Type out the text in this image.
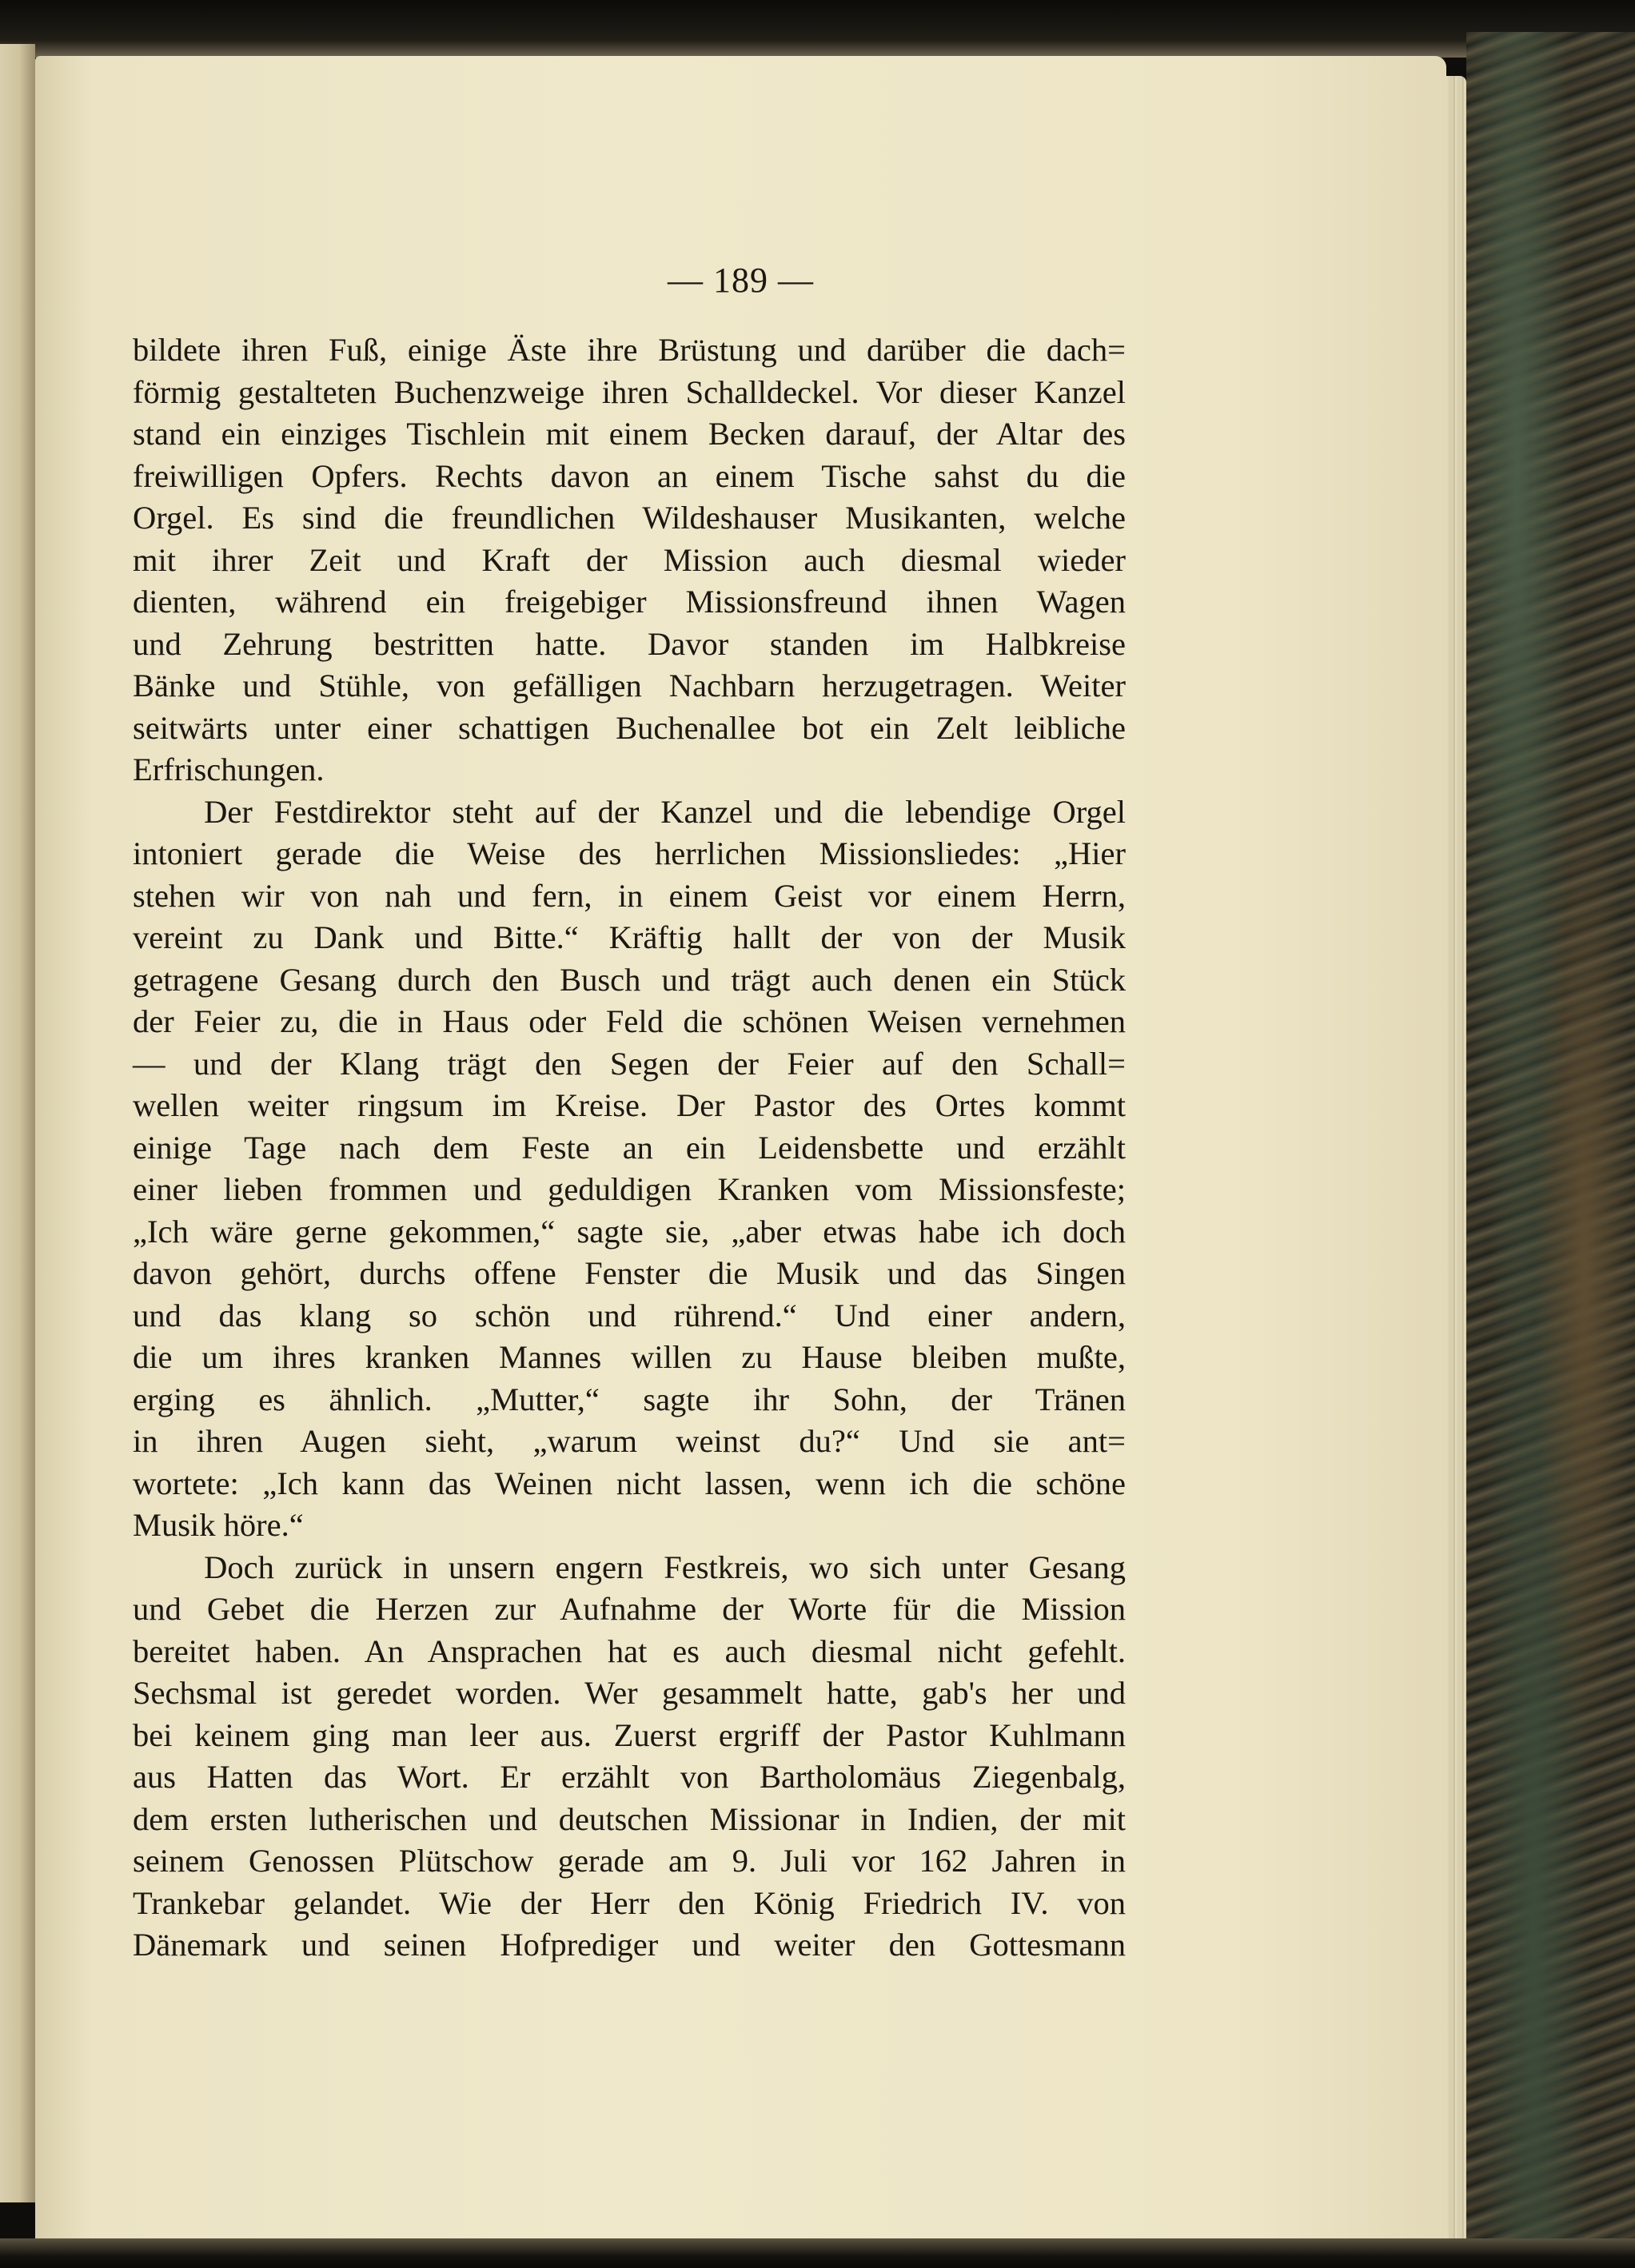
— 189 —
bildete ihren Fuß, einige Äste ihre Brüstung und darüber die dach=
förmig gestalteten Buchenzweige ihren Schalldeckel. Vor dieser Kanzel
stand ein einziges Tischlein mit einem Becken darauf, der Altar des
freiwilligen Opfers. Rechts davon an einem Tische sahst du die
Orgel. Es sind die freundlichen Wildeshauser Musikanten, welche
mit ihrer Zeit und Kraft der Mission auch diesmal wieder
dienten, während ein freigebiger Missionsfreund ihnen Wagen
und Zehrung bestritten hatte. Davor standen im Halbkreise
Bänke und Stühle, von gefälligen Nachbarn herzugetragen. Weiter
seitwärts unter einer schattigen Buchenallee bot ein Zelt leibliche
Erfrischungen.
Der Festdirektor steht auf der Kanzel und die lebendige Orgel
intoniert gerade die Weise des herrlichen Missionsliedes: „Hier
stehen wir von nah und fern, in einem Geist vor einem Herrn,
vereint zu Dank und Bitte.“ Kräftig hallt der von der Musik
getragene Gesang durch den Busch und trägt auch denen ein Stück
der Feier zu, die in Haus oder Feld die schönen Weisen vernehmen
— und der Klang trägt den Segen der Feier auf den Schall=
wellen weiter ringsum im Kreise. Der Pastor des Ortes kommt
einige Tage nach dem Feste an ein Leidensbette und erzählt
einer lieben frommen und geduldigen Kranken vom Missionsfeste;
„Ich wäre gerne gekommen,“ sagte sie, „aber etwas habe ich doch
davon gehört, durchs offene Fenster die Musik und das Singen
und das klang so schön und rührend.“ Und einer andern,
die um ihres kranken Mannes willen zu Hause bleiben mußte,
erging es ähnlich. „Mutter,“ sagte ihr Sohn, der Tränen
in ihren Augen sieht, „warum weinst du?“ Und sie ant=
wortete: „Ich kann das Weinen nicht lassen, wenn ich die schöne
Musik höre.“
Doch zurück in unsern engern Festkreis, wo sich unter Gesang
und Gebet die Herzen zur Aufnahme der Worte für die Mission
bereitet haben. An Ansprachen hat es auch diesmal nicht gefehlt.
Sechsmal ist geredet worden. Wer gesammelt hatte, gab's her und
bei keinem ging man leer aus. Zuerst ergriff der Pastor Kuhlmann
aus Hatten das Wort. Er erzählt von Bartholomäus Ziegenbalg,
dem ersten lutherischen und deutschen Missionar in Indien, der mit
seinem Genossen Plütschow gerade am 9. Juli vor 162 Jahren in
Trankebar gelandet. Wie der Herr den König Friedrich IV. von
Dänemark und seinen Hofprediger und weiter den Gottesmann
